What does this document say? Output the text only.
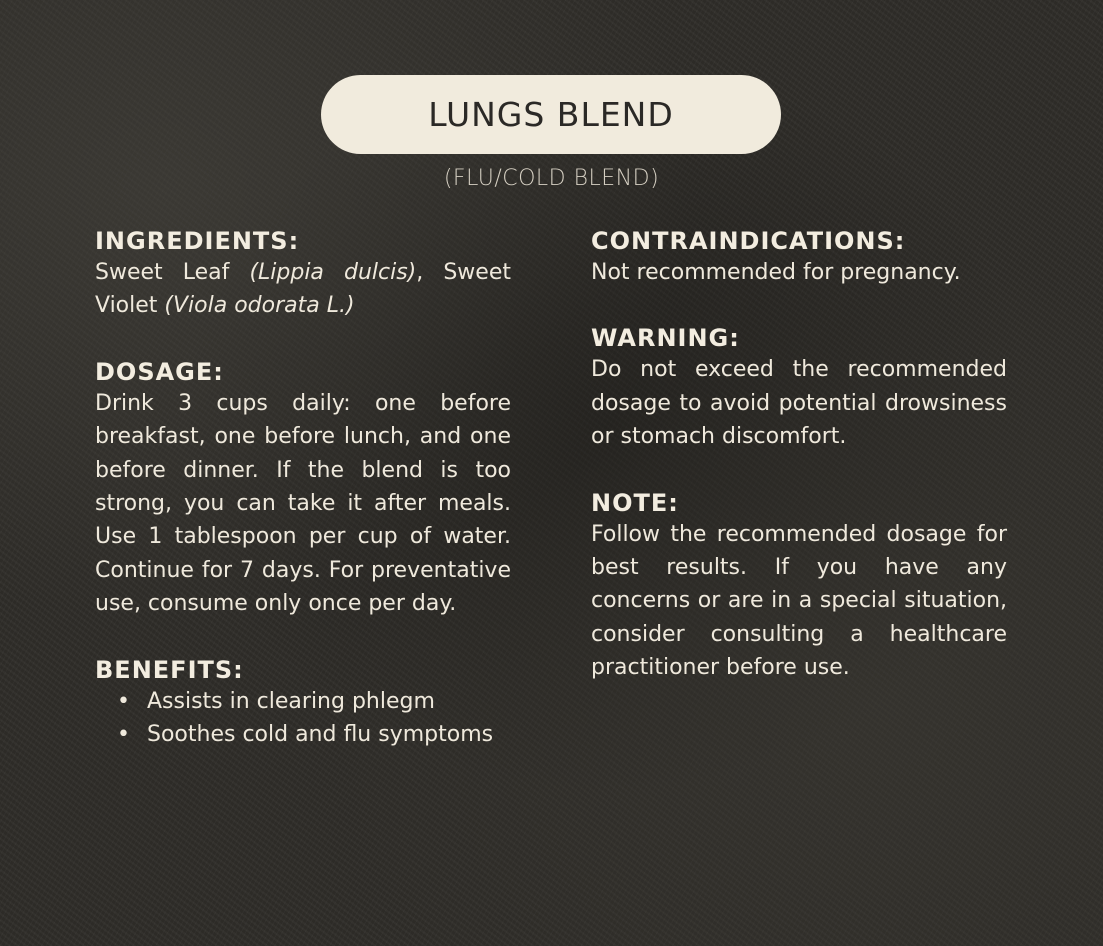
LUNGS BLEND
(FLU/COLD BLEND)
INGREDIENTS:
Sweet Leaf (Lippia dulcis), Sweet Violet (Viola odorata L.)
DOSAGE:
Drink 3 cups daily: one before breakfast, one before lunch, and one before dinner. If the blend is too strong, you can take it after meals. Use 1 tablespoon per cup of water. Continue for 7 days. For preventative use, consume only once per day.
BENEFITS:
• Assists in clearing phlegm
• Soothes cold and flu symptoms
CONTRAINDICATIONS:
Not recommended for pregnancy.
WARNING:
Do not exceed the recommended dosage to avoid potential drowsiness or stomach discomfort.
NOTE:
Follow the recommended dosage for best results. If you have any concerns or are in a special situation, consider consulting a healthcare practitioner before use.
